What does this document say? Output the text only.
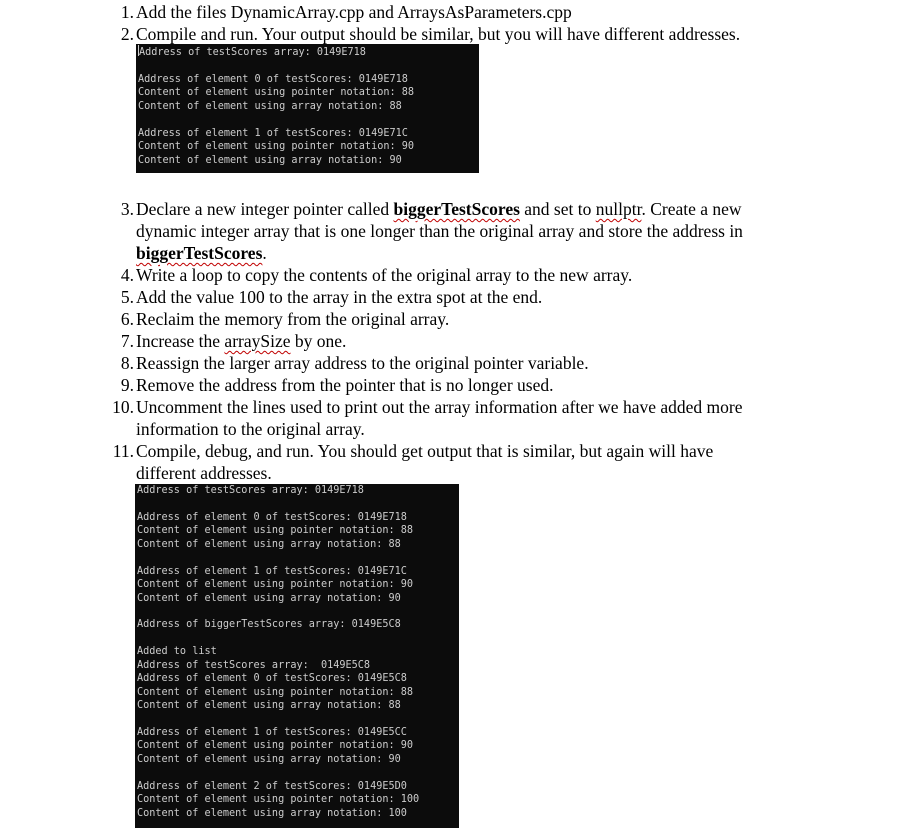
1. Add the files DynamicArray.cpp and ArraysAsParameters.cpp
2. Compile and run. Your output should be similar, but you will have different addresses.
Address of testScores array: 0149E718

Address of element 0 of testScores: 0149E718
Content of element using pointer notation: 88
Content of element using array notation: 88
Address of element 1 of testScores: 0149E71C
Content of element using pointer notation: 90
Content of element using array notation: 90
3. Declare a new integer pointer called biggerTestScores and set to nullptr. Create a new
dynamic integer array that is one longer than the original array and store the address in
biggerTestScores.
4. Write a loop to copy the contents of the original array to the new array.
5. Add the value 100 to the array in the extra spot at the end.
6. Reclaim the memory from the original array.
7. Increase the arraySize by one.
8. Reassign the larger array address to the original pointer variable.
9. Remove the address from the pointer that is no longer used.
10. Uncomment the lines used to print out the array information after we have added more
information to the original array.
11. Compile, debug, and run. You should get output that is similar, but again will have
different addresses.
Address of testScores array: 0149E718
Address of element 0 of testScores: 0149E718
Content of element using pointer notation: 88
Content of element using array notation: 88
Address of element 1 of testScores: 0149E71C
Content of element using pointer notation: 90
Content of element using array notation: 90
Address of biggerTestScores array: 0149E5C8
Added to list
Address of testScores array:  0149E5C8
Address of element 0 of testScores: 0149E5C8
Content of element using pointer notation: 88
Content of element using array notation: 88
Address of element 1 of testScores: 0149E5CC
Content of element using pointer notation: 90
Content of element using array notation: 90
Address of element 2 of testScores: 0149E5D0
Content of element using pointer notation: 100
Content of element using array notation: 100
